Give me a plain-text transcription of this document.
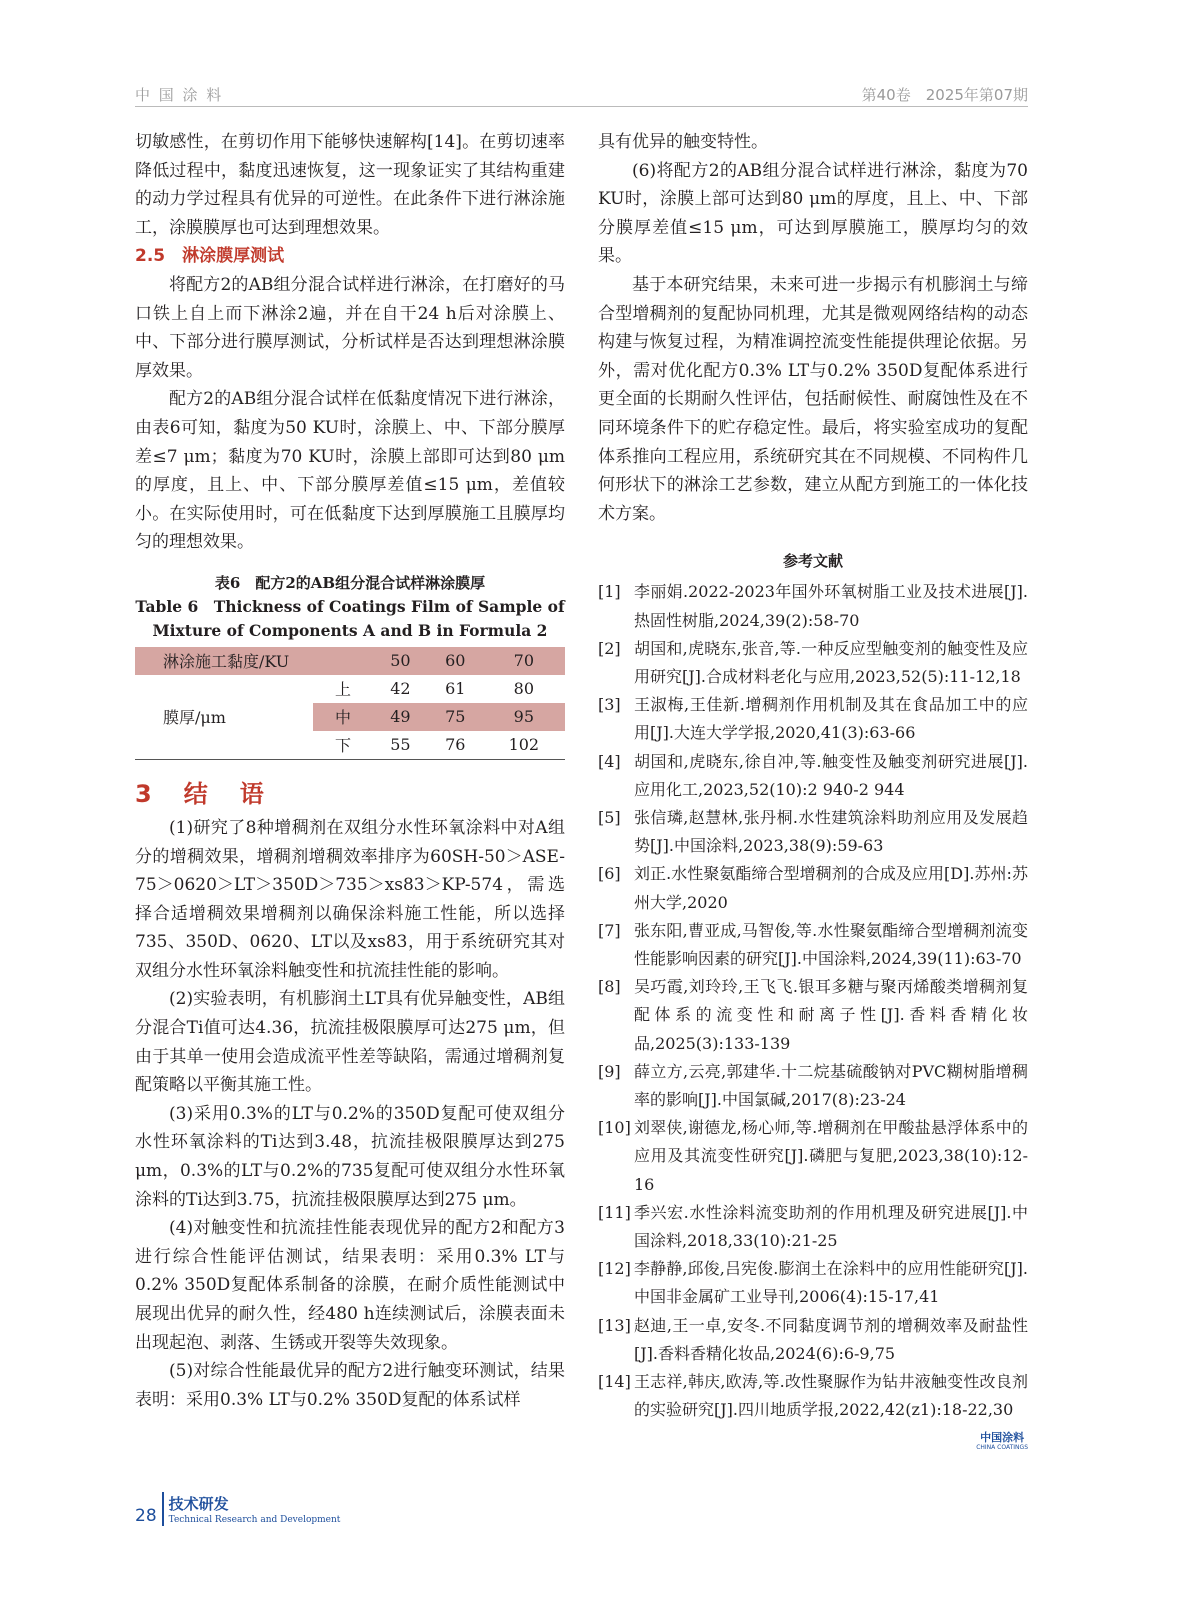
中 国 涂 料	第40卷　2025年第07期

切敏感性，在剪切作用下能够快速解构[14]。在剪切速率降低过程中，黏度迅速恢复，这一现象证实了其结构重建的动力学过程具有优异的可逆性。在此条件下进行淋涂施工，涂膜膜厚也可达到理想效果。

2.5　淋涂膜厚测试

将配方2的AB组分混合试样进行淋涂，在打磨好的马口铁上自上而下淋涂2遍，并在自干24 h后对涂膜上、中、下部分进行膜厚测试，分析试样是否达到理想淋涂膜厚效果。

配方2的AB组分混合试样在低黏度情况下进行淋涂，由表6可知，黏度为50 KU时，涂膜上、中、下部分膜厚差≤7 μm；黏度为70 KU时，涂膜上部即可达到80 μm的厚度，且上、中、下部分膜厚差值≤15 μm，差值较小。在实际使用时，可在低黏度下达到厚膜施工且膜厚均匀的理想效果。

表6　配方2的AB组分混合试样淋涂膜厚
Table 6　Thickness of Coatings Film of Sample of Mixture of Components A and B in Formula 2
淋涂施工黏度/KU		50	60	70
膜厚/μm	上	42	61	80
	中	49	75	95
	下	55	76	102
3　结　语

(1)研究了8种增稠剂在双组分水性环氧涂料中对A组分的增稠效果，增稠剂增稠效率排序为60SH-50＞ASE-75＞0620＞LT＞350D＞735＞xs83＞KP-574，需选择合适增稠效果增稠剂以确保涂料施工性能，所以选择735、350D、0620、LT以及xs83，用于系统研究其对双组分水性环氧涂料触变性和抗流挂性能的影响。

(2)实验表明，有机膨润土LT具有优异触变性，AB组分混合Ti值可达4.36，抗流挂极限膜厚可达275 μm，但由于其单一使用会造成流平性差等缺陷，需通过增稠剂复配策略以平衡其施工性。

(3)采用0.3%的LT与0.2%的350D复配可使双组分水性环氧涂料的Ti达到3.48，抗流挂极限膜厚达到275 μm，0.3%的LT与0.2%的735复配可使双组分水性环氧涂料的Ti达到3.75，抗流挂极限膜厚达到275 μm。

(4)对触变性和抗流挂性能表现优异的配方2和配方3进行综合性能评估测试，结果表明：采用0.3% LT与0.2% 350D复配体系制备的涂膜，在耐介质性能测试中展现出优异的耐久性，经480 h连续测试后，涂膜表面未出现起泡、剥落、生锈或开裂等失效现象。

(5)对综合性能最优异的配方2进行触变环测试，结果表明：采用0.3% LT与0.2% 350D复配的体系试样

具有优异的触变特性。

(6)将配方2的AB组分混合试样进行淋涂，黏度为70 KU时，涂膜上部可达到80 μm的厚度，且上、中、下部分膜厚差值≤15 μm，可达到厚膜施工，膜厚均匀的效果。

基于本研究结果，未来可进一步揭示有机膨润土与缔合型增稠剂的复配协同机理，尤其是微观网络结构的动态构建与恢复过程，为精准调控流变性能提供理论依据。另外，需对优化配方0.3% LT与0.2% 350D复配体系进行更全面的长期耐久性评估，包括耐候性、耐腐蚀性及在不同环境条件下的贮存稳定性。最后，将实验室成功的复配体系推向工程应用，系统研究其在不同规模、不同构件几何形状下的淋涂工艺参数，建立从配方到施工的一体化技术方案。

参考文献
[1] 李丽娟.2022-2023年国外环氧树脂工业及技术进展[J].热固性树脂,2024,39(2):58-70
[2] 胡国和,虎晓东,张音,等.一种反应型触变剂的触变性及应用研究[J].合成材料老化与应用,2023,52(5):11-12,18
[3] 王淑梅,王佳新.增稠剂作用机制及其在食品加工中的应用[J].大连大学学报,2020,41(3):63-66
[4] 胡国和,虎晓东,徐自冲,等.触变性及触变剂研究进展[J].应用化工,2023,52(10):2 940-2 944
[5] 张信璘,赵慧林,张丹桐.水性建筑涂料助剂应用及发展趋势[J].中国涂料,2023,38(9):59-63
[6] 刘正.水性聚氨酯缔合型增稠剂的合成及应用[D].苏州:苏州大学,2020
[7] 张东阳,曹亚成,马智俊,等.水性聚氨酯缔合型增稠剂流变性能影响因素的研究[J].中国涂料,2024,39(11):63-70
[8] 吴巧霞,刘玲玲,王飞飞.银耳多糖与聚丙烯酸类增稠剂复配体系的流变性和耐离子性[J].香料香精化妆品,2025(3):133-139
[9] 薛立方,云亮,郭建华.十二烷基硫酸钠对PVC糊树脂增稠率的影响[J].中国氯碱,2017(8):23-24
[10] 刘翠侠,谢德龙,杨心师,等.增稠剂在甲酸盐悬浮体系中的应用及其流变性研究[J].磷肥与复肥,2023,38(10):12-16
[11] 季兴宏.水性涂料流变助剂的作用机理及研究进展[J].中国涂料,2018,33(10):21-25
[12] 李静静,邱俊,吕宪俊.膨润土在涂料中的应用性能研究[J].中国非金属矿工业导刊,2006(4):15-17,41
[13] 赵迪,王一卓,安冬.不同黏度调节剂的增稠效率及耐盐性[J].香料香精化妆品,2024(6):6-9,75
[14] 王志祥,韩庆,欧涛,等.改性聚脲作为钻井液触变性改良剂的实验研究[J].四川地质学报,2022,42(z1):18-22,30
中国涂料
CHINA COATINGS
28
技术研发
Technical Research and Development
